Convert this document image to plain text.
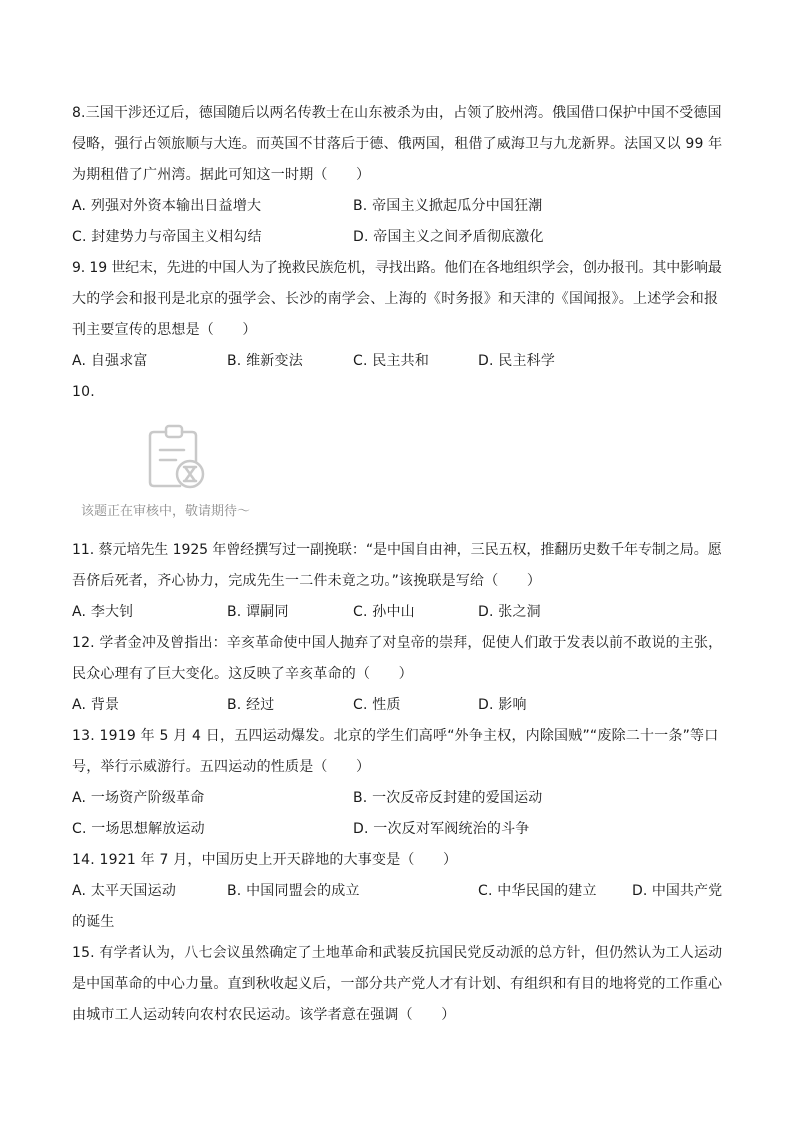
8.三国干涉还辽后，德国随后以两名传教士在山东被杀为由，占领了胶州湾。俄国借口保护中国不受德国
侵略，强行占领旅顺与大连。而英国不甘落后于德、俄两国，租借了威海卫与九龙新界。法国又以 99 年
为期租借了广州湾。据此可知这一时期（　　）
A. 列强对外资本输出日益增大	B. 帝国主义掀起瓜分中国狂潮
C. 封建势力与帝国主义相勾结	D. 帝国主义之间矛盾彻底激化
9. 19 世纪末，先进的中国人为了挽救民族危机，寻找出路。他们在各地组织学会，创办报刊。其中影响最
大的学会和报刊是北京的强学会、长沙的南学会、上海的《时务报》和天津的《国闻报》。上述学会和报
刊主要宣传的思想是（　　）
A. 自强求富	B. 维新变法	C. 民主共和	D. 民主科学
10.
该题正在审核中，敬请期待～
11. 蔡元培先生 1925 年曾经撰写过一副挽联：“是中国自由神，三民五权，推翻历史数千年专制之局。愿
吾侪后死者，齐心协力，完成先生一二件未竟之功。”该挽联是写给（　　）
A. 李大钊	B. 谭嗣同	C. 孙中山	D. 张之洞
12. 学者金冲及曾指出：辛亥革命使中国人抛弃了对皇帝的崇拜，促使人们敢于发表以前不敢说的主张，
民众心理有了巨大变化。这反映了辛亥革命的（　　）
A. 背景	B. 经过	C. 性质	D. 影响
13. 1919 年 5 月 4 日，五四运动爆发。北京的学生们高呼“外争主权，内除国贼”“废除二十一条”等口
号，举行示威游行。五四运动的性质是（　　）
A. 一场资产阶级革命	B. 一次反帝反封建的爱国运动
C. 一场思想解放运动	D. 一次反对军阀统治的斗争
14. 1921 年 7 月，中国历史上开天辟地的大事变是（　　）
A. 太平天国运动	B. 中国同盟会的成立	C. 中华民国的建立	D. 中国共产党
的诞生
15. 有学者认为，八七会议虽然确定了土地革命和武装反抗国民党反动派的总方针，但仍然认为工人运动
是中国革命的中心力量。直到秋收起义后，一部分共产党人才有计划、有组织和有目的地将党的工作重心
由城市工人运动转向农村农民运动。该学者意在强调（　　）
